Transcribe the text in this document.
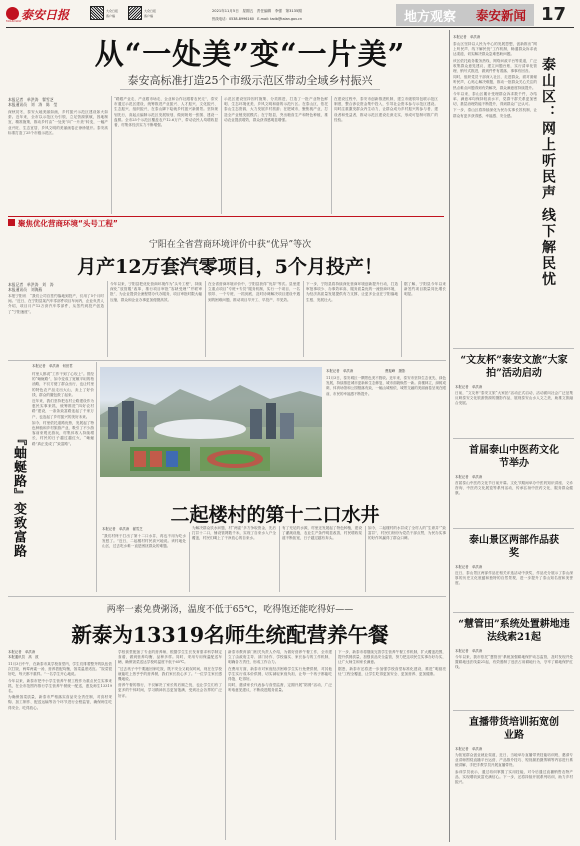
泰安日报
TAIAN DAILY
大众日报
客户端
大众日报
客户端
2021年11月5日　星期五　责任编辑　李强　第3135期
热线电话：0538-8996160　E-mail: tadb@taian.gov.cn	地方观察 泰安新闻 17
从“一处美”变“一片美”
泰安高标准打造25个市级示范区带动全域乡村振兴
本报记者　单洪涛　翟雪芝
本报通讯员　刘　涛　陈　莹

深秋初冬，泰安大地美丽如画，乡村振兴示范区建设如火如荼。近年来，全市以示范区为引领，立足资源禀赋，因地制宜，精准施策，推动乡村由“一处美”向“一片美”转变，一幅产业兴旺、生态宜居、乡风文明的美丽画卷正徐徐展开。泰安高标准打造了25个市级示范区。

“路跟产业走、产业跟市场走、企业和合作社跟着农民走”，泰安市通过示范区建设，统筹推进产业振兴、人才振兴、文化振兴、生态振兴、组织振兴，在泰山脚下绘就乡村振兴新图景。坚持规划先行，高起点编制示范区发展规划，做到规划一张图、建设一盘棋。全市25个示范区覆盖农户12.6万户，带动农民人均增收显著，村集体经济实力不断增强。

示范区建设坚持因村施策、分类推进，打造了一批产业特色鲜明、生态环境优美、乡风文明和谐的示范片区。在泰山区，依托泰山生态资源，大力发展乡村旅游；在肥城市，聚焦桃产业，打造全产业链发展模式；在宁阳县，突出粮食生产和特色种植，推动农业提质增效，群众获得感明显增强。

在建设过程中，泰安市创新推进机制，建立市级领导包联示范区制度，整合涉农资金集中投入，引导社会资本参与示范区建设。同时注重激发群众内生动力，让群众成为乡村振兴的参与者、建设者和受益者，推动示范区建设走深走实，形成可复制可推广的经验。

聚焦优化营商环境“头号工程”
宁阳在全省营商环境评价中获“优异”等次
月产12万套汽零项目，5个月投产！
本报记者　单洪涛　刘　涛
本报通讯员　刘海燕

本报宁阳讯　“我们公司自签约落地到投产，仅用了5个月时间。”近日，在宁阳县某汽车零部件项目车间内，企业负责人介绍，项目月产12万套汽车零部件，从签约到投产创造了“宁阳速度”。

今年以来，宁阳县把优化营商环境作为“头号工程”，持续深化“放管服”改革，推行项目审批“容缺受理”“并联审批”，为企业提供全流程帮办代办服务，项目审批时限大幅压缩，群众和企业办事更加便捷高效。

在全省营商环境评价中，宁阳县获得“优异”等次。县里建立重点项目“专班+专员”服务机制，实行一个项目、一名领导、一个专班、一抓到底，及时协调解决项目建设中遇到的困难问题，推动项目早开工、早投产、早见效。

下一步，宁阳县将持续深化营商环境创新提升行动，打造审批事项少、办事效率高、服务质量优的一流营商环境，为经济高质量发展提供有力支撑，让更多企业在宁阳落地生根、发展壮大。

据了解，宁阳县今年以来新签约项目数量同比增长明显。

『蚰蜒路』变致富路
本报记者　单洪涛　何世君

村里人都说“工作干到了心坎上”。曾经的“蚰蜒路”，如今变成了宽敞平坦的柏油路，不仅方便了群众出行，也让村里的特色农产品走出大山，卖上了好价钱，群众的腰包鼓了起来。

近年来，我们坚持把农村公路建设作为惠民实事来抓，统筹推进“四好农村路”建设，一条条致富路连起了千家万户，也连起了乡村振兴的美好未来。

如今，村里依托道路优势，发展起了特色种植和乡村旅游产业，吸引了不少游客前来观光游玩，村集体收入持续增长，村民的日子越过越红火，“蚰蜒路”真正变成了“致富路”。

本报记者　单洪涛	曹振峰　摄影

11月3日，泰安城区一隅景色美不胜收。近年来，泰安市坚持生态优先、绿色发展，持续推进城市更新和生态修复，城市面貌焕然一新。高楼林立，绿树成荫，体育场馆和公园错落有致，一幅山城相依、城景交融的美丽画卷呈现在眼前，市民的幸福感不断提升。

二起楼村的第十二口水井
本报记者　单洪涛　翟雪芝

“我们村终于打出了第十二口水井，再也不用为吃水发愁了。”近日，二起楼村村民高兴地说。该村地处山区，过去吃水难一直是困扰群众的难题。

为解决群众饮水问题，村“两委”多方争取资金，先后打井十二口，铺设管网数千米，实现了自来水入户全覆盖，村民们喝上了干净放心的自来水。

有了充足的水源，村里还发展起了特色种植，建设了灌溉设施，农业生产条件明显改善，村民增收渠道不断拓宽，日子越过越有奔头。

如今，二起楼村的水井成了全村人的“生命井”“致富井”，村民们纷纷为党员干部点赞，为民办实事的好作风赢得了群众口碑。

两率一素免费粥汤，温度不低于65℃，吃得饱还能吃得好——
新泰为13319名师生统配营养午餐
本报记者　单洪涛
本报通讯员　高　波

11月3日中午，在新泰市某学校食堂内，学生们排着整齐的队伍依次打饭，两荤两素一汤，营养搭配均衡，饭菜温度适宜。“饭菜很好吃，每天都不重样。”一名学生开心地说。

今年以来，新泰市把中小学生营养午餐工程作为重点民生实事来抓，在全市范围内推行学生营养午餐统一配送，惠及师生13319名。

为确保饭菜质量，新泰市严格落实食品安全责任制，对食材采购、加工制作、配送运输等各个环节进行全程监管，确保师生吃得安全、吃得放心。

学校食堂配备了专业的营养师，根据学生生长发育需求科学制定食谱，做到营养均衡、品种多样。同时，采用专用保温配送车辆，确保饭菜送达学校时温度不低于65℃。

“过去孩子中午要跑回家吃饭，既不安全又耽误时间，现在在学校就能吃上热乎乎的营养餐，我们家长放心多了。”一位学生家长感慨地说。

营养午餐的推行，不仅解决了家长的后顾之忧，也让学生们有了更多的午休时间，学习精神状态更加饱满，受到社会各界的广泛好评。

新泰市教育部门相关负责人介绍，为做好营养午餐工作，全市建立了由政府主导、部门协作、学校落实、家长参与的工作机制，明确各方责任，形成工作合力。

在费用方面，新泰市对家庭经济困难学生实行免费供餐，对其他学生实行成本价供餐，切实减轻家庭负担，让每一个孩子都能吃得饱、吃得好。

同时，邀请家长代表参与食堂监督，定期开展“陪餐”活动，广泛听取意见建议，不断改进服务质量。

下一步，新泰市将继续完善学生营养午餐工作机制，扩大覆盖范围，提升供餐质量，加强食品安全监管，努力把这项民生实事办好办实，让广大师生和家长满意。

据悉，新泰市还将进一步加强学校食堂标准化建设，推进“明厨亮灶”工程全覆盖，让学生吃得更加安全、更加营养、更加健康。

本报记者　单洪涛

泰山区坚持以人民为中心的发展思想，创新推出“网上听民声、线下解民忧”工作机制，畅通群众诉求表达渠道，切实解决群众急难愁盼问题。

该区依托政务服务热线、网络问政平台等渠道，广泛收集群众意见建议，建立问题台账，实行清单化管理、销号式推进，做到件件有着落、事事有回音。

同时，组织党员干部深入社区、走进群众，面对面倾听民声，心贴心解决难题，推动一批群众关心关注的热点难点问题得到有效解决，群众满意度持续提升。

今年以来，泰山区累计受理群众诉求数千件，办结率、满意率均保持较高水平，党群干群关系更加密切，基层治理效能不断提升，得到群众广泛认可。

下一步，泰山区将持续深化为民办实事长效机制，让群众有更多获得感、幸福感、安全感。	泰山区：网上听民声 线下解民忧
“文友杯”泰安文旅“大家拍”活动启动
本报记者　单洪涛

日前，“文友杯”泰安文旅“大家拍”活动正式启动，活动面向社会广泛征集反映泰安文化旅游资源的摄影作品，展现泰安山水人文之美，助推文旅融合发展。

首届泰山中医药文化节举办
本报记者　单洪涛

首届泰山中医药文化节日前开幕。文化节期间举办中医药知识讲座、义诊咨询、中医药文化展览等系列活动，传承弘扬中医药文化，服务群众健康。

泰山景区两部作品获奖
本报记者　单洪涛

近日，泰山景区两部作品在相关评选活动中获奖，作品充分展示了泰山深厚的历史文化底蕴和独特的自然景观，进一步提升了泰山知名度和美誉度。

“慧管田”系统处置耕地违法线索21起
本报记者　单洪涛

今年以来，我市依托“慧管田”系统加强耕地保护动态监管，及时发现并处置耕地违法线索21起，有效遏制了违法占用耕地行为，守牢了耕地保护红线。

直播带货培训拓宽创业路
本报记者　单洪涛

为拓宽群众创业就业渠道，近日，当地举办直播带货技能培训班，邀请专业讲师围绕直播平台运营、产品推介技巧、短视频拍摄剪辑等内容进行系统讲解，手把手教学员开展直播带货。

参训学员表示，通过培训掌握了实用技能，对今后通过直播销售农特产品、实现增收致富充满信心。下一步，还将持续开展系列培训，助力乡村振兴。
